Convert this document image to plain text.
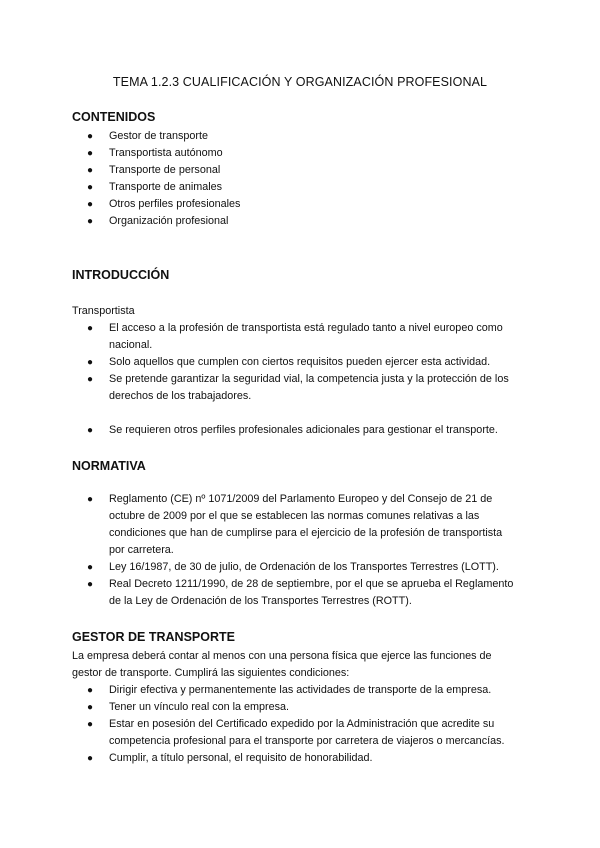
TEMA 1.2.3 CUALIFICACIÓN Y ORGANIZACIÓN PROFESIONAL
CONTENIDOS
● Gestor de transporte
● Transportista autónomo
● Transporte de personal
● Transporte de animales
● Otros perfiles profesionales
● Organización profesional
INTRODUCCIÓN

Transportista

● El acceso a la profesión de transportista está regulado tanto a nivel europeo como nacional.
● Solo aquellos que cumplen con ciertos requisitos pueden ejercer esta actividad.
● Se pretende garantizar la seguridad vial, la competencia justa y la protección de los derechos de los trabajadores.
● Se requieren otros perfiles profesionales adicionales para gestionar el transporte.
NORMATIVA
● Reglamento (CE) nº 1071/2009 del Parlamento Europeo y del Consejo de 21 de octubre de 2009 por el que se establecen las normas comunes relativas a las condiciones que han de cumplirse para el ejercicio de la profesión de transportista por carretera.
● Ley 16/1987, de 30 de julio, de Ordenación de los Transportes Terrestres (LOTT).
● Real Decreto 1211/1990, de 28 de septiembre, por el que se aprueba el Reglamento de la Ley de Ordenación de los Transportes Terrestres (ROTT).
GESTOR DE TRANSPORTE

La empresa deberá contar al menos con una persona física que ejerce las funciones de gestor de transporte. Cumplirá las siguientes condiciones:

● Dirigir efectiva y permanentemente las actividades de transporte de la empresa.
● Tener un vínculo real con la empresa.
● Estar en posesión del Certificado expedido por la Administración que acredite su competencia profesional para el transporte por carretera de viajeros o mercancías.
● Cumplir, a título personal, el requisito de honorabilidad.
